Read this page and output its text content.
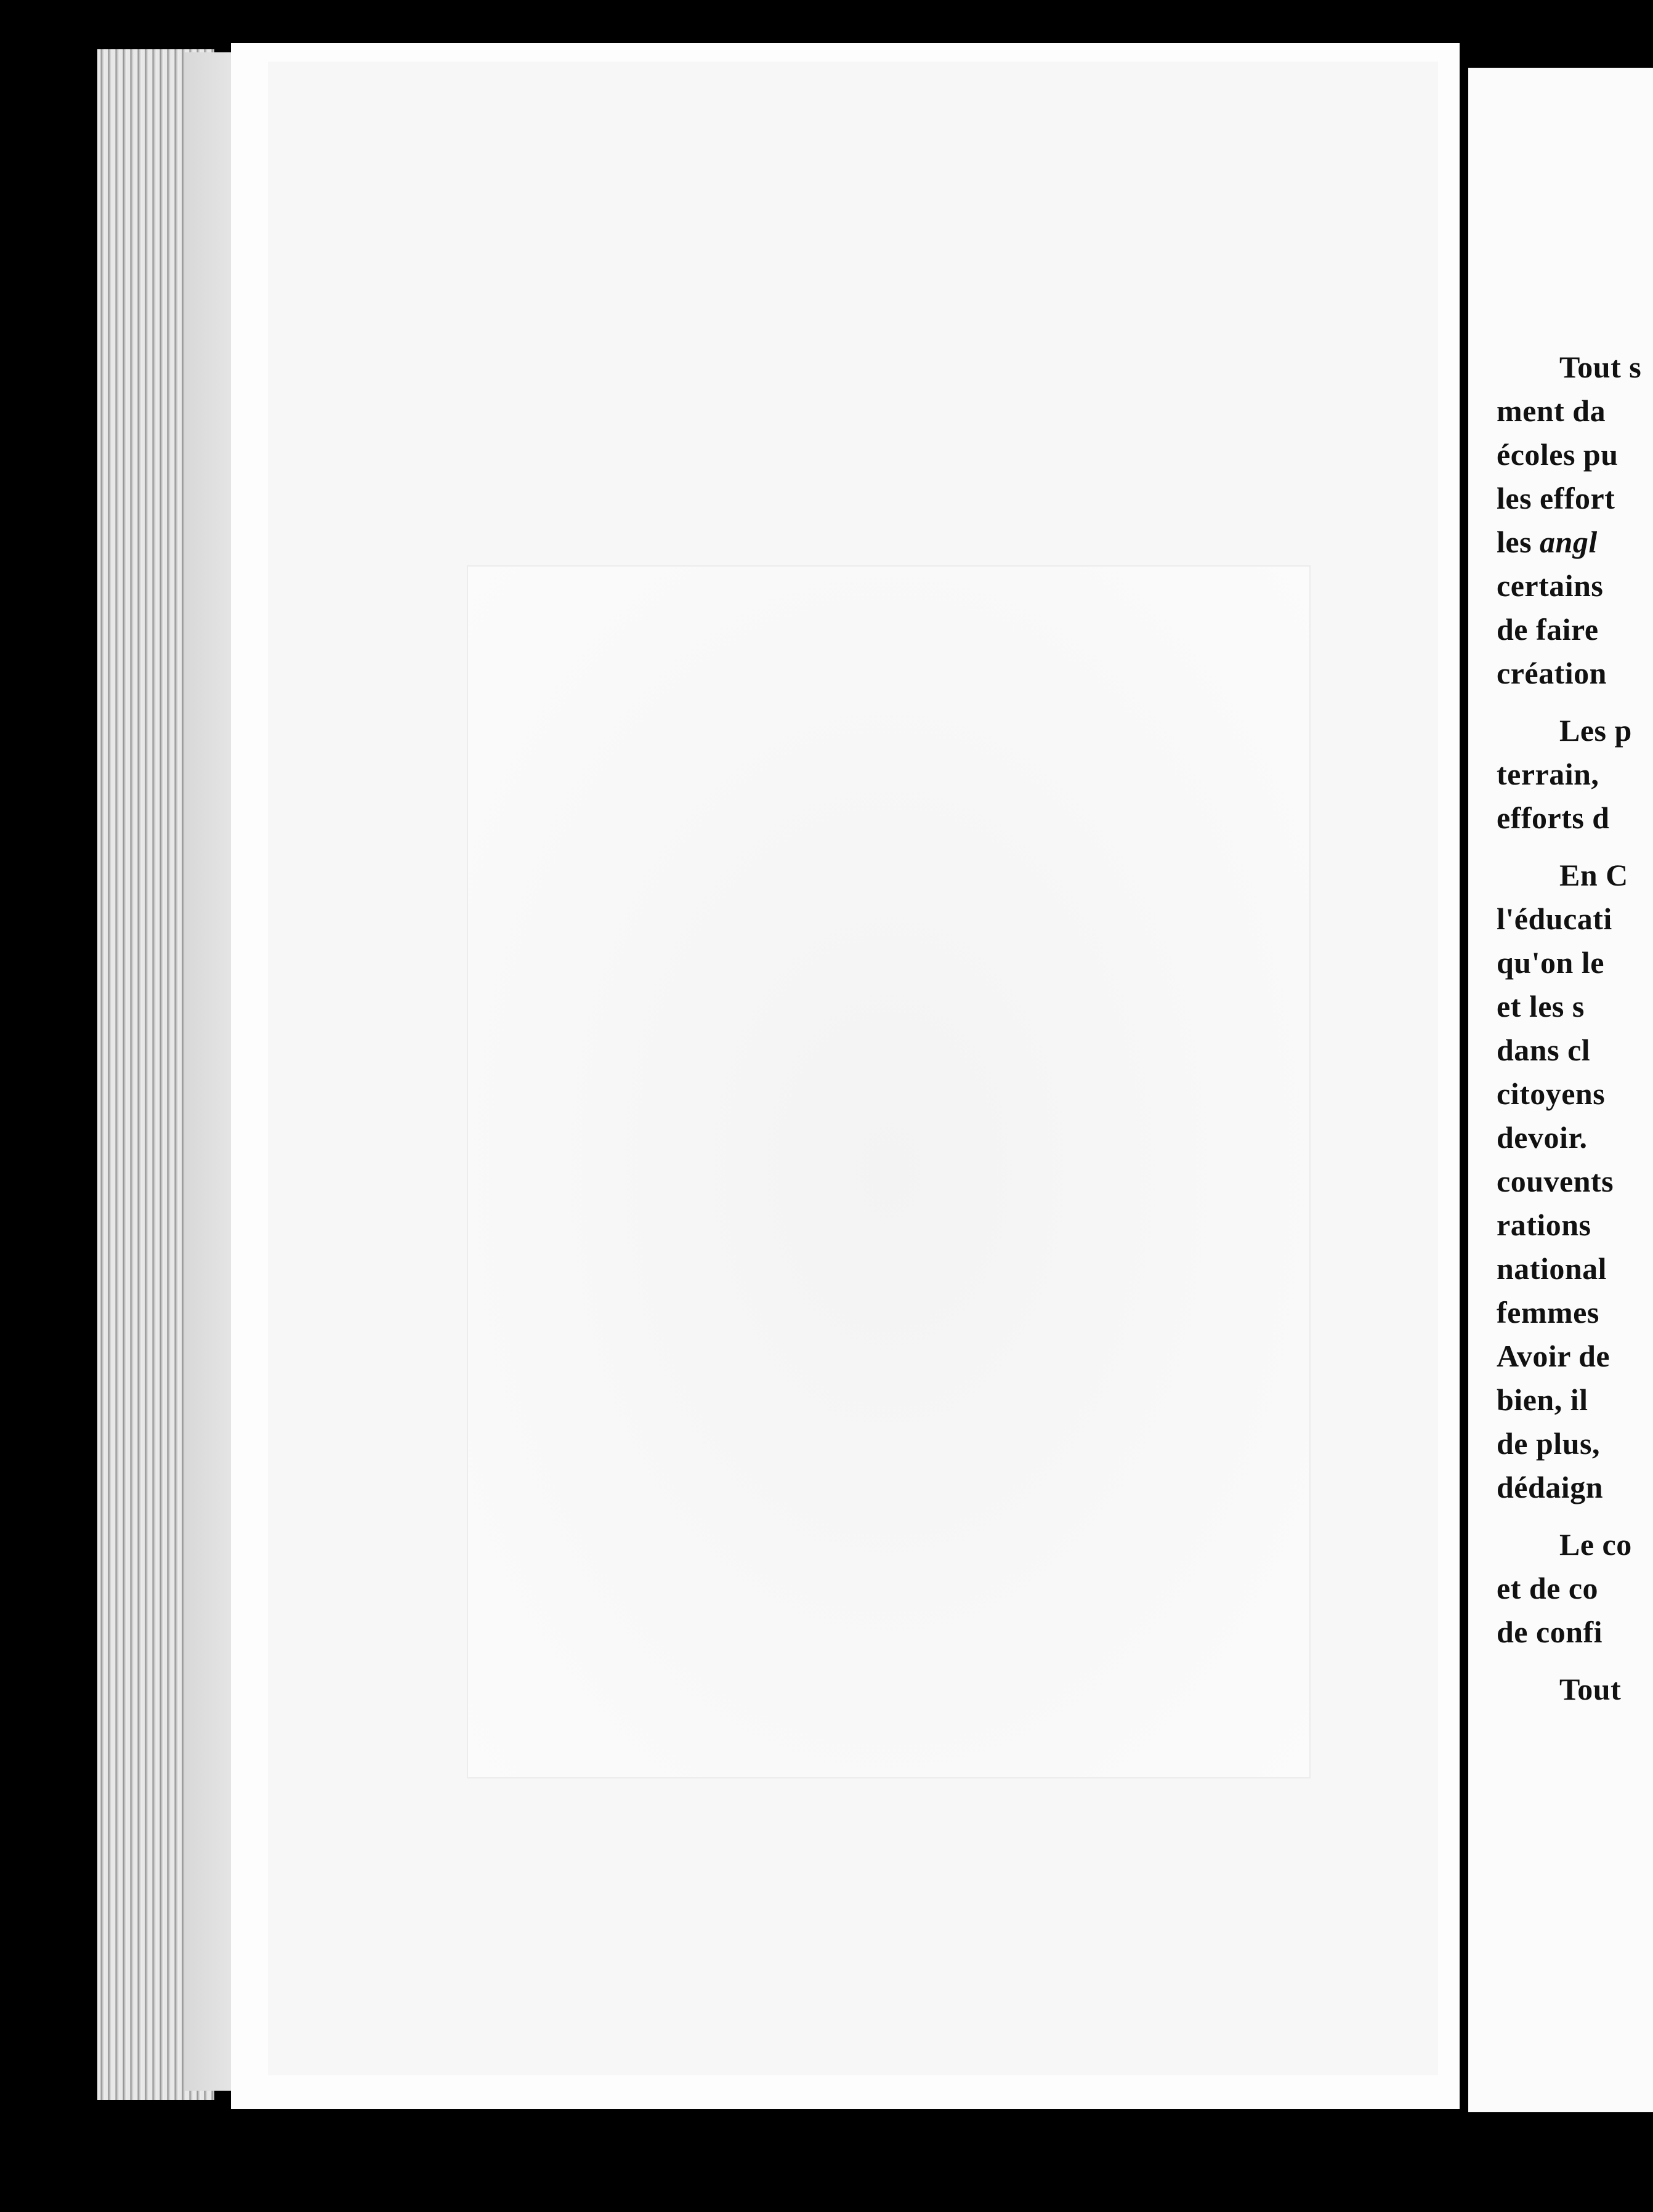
Tout s
ment da
écoles pu
les effort
les angl
certains
de faire
création
Les p
terrain,
efforts d
En C
l'éducati
qu'on le
et les s
dans cl
citoyens
devoir.
couvents
rations
national
femmes
Avoir de
bien, il
de plus,
dédaign
Le co
et de co
de confi
Tout
